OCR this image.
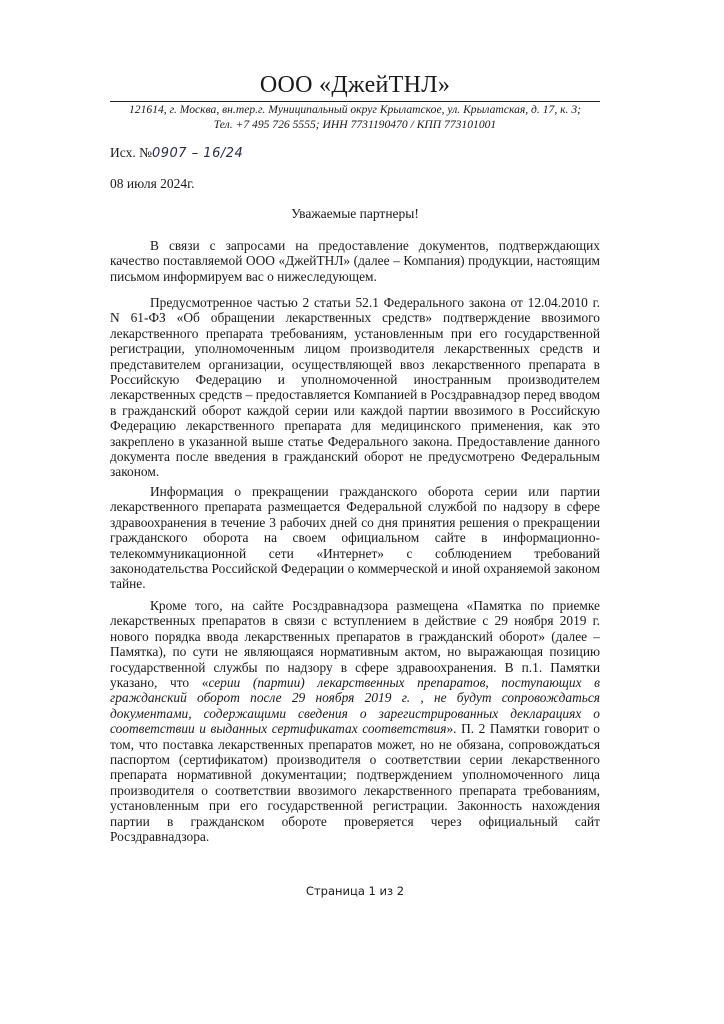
ООО «ДжейТНЛ»
121614, г. Москва, вн.тер.г. Муниципальный округ Крылатское, ул. Крылатская, д. 17, к. 3;
Тел. +7 495 726 5555; ИНН 7731190470 / КПП 773101001
Исх. №0907 – 16/24
08 июля 2024г.
Уважаемые партнеры!

В связи с запросами на предоставление документов, подтверждающих качество поставляемой ООО «ДжейТНЛ» (далее – Компания) продукции, настоящим письмом информируем вас о нижеследующем.

Предусмотренное частью 2 статьи 52.1 Федерального закона от 12.04.2010 г. N 61-ФЗ «Об обращении лекарственных средств» подтверждение ввозимого лекарственного препарата требованиям, установленным при его государственной регистрации, уполномоченным лицом производителя лекарственных средств и представителем организации, осуществляющей ввоз лекарственного препарата в Российскую Федерацию и уполномоченной иностранным производителем лекарственных средств – предоставляется Компанией в Росздравнадзор перед вводом в гражданский оборот каждой серии или каждой партии ввозимого в Российскую Федерацию лекарственного препарата для медицинского применения, как это закреплено в указанной выше статье Федерального закона. Предоставление данного документа после введения в гражданский оборот не предусмотрено Федеральным законом.

Информация о прекращении гражданского оборота серии или партии лекарственного препарата размещается Федеральной службой по надзору в сфере здравоохранения в течение 3 рабочих дней со дня принятия решения о прекращении гражданского оборота на своем официальном сайте в информационно-телекоммуникационной сети «Интернет» с соблюдением требований законодательства Российской Федерации о коммерческой и иной охраняемой законом тайне.

Кроме того, на сайте Росздравнадзора размещена «Памятка по приемке лекарственных препаратов в связи с вступлением в действие с 29 ноября 2019 г. нового порядка ввода лекарственных препаратов в гражданский оборот» (далее – Памятка), по сути не являющаяся нормативным актом, но выражающая позицию государственной службы по надзору в сфере здравоохранения. В п.1. Памятки указано, что «серии (партии) лекарственных препаратов, поступающих в гражданский оборот после 29 ноября 2019 г. , не будут сопровождаться документами, содержащими сведения о зарегистрированных декларациях о соответствии и выданных сертификатах соответствия». П. 2 Памятки говорит о том, что поставка лекарственных препаратов может, но не обязана, сопровождаться паспортом (сертификатом) производителя о соответствии серии лекарственного препарата нормативной документации; подтверждением уполномоченного лица производителя о соответствии ввозимого лекарственного препарата требованиям, установленным при его государственной регистрации. Законность нахождения партии в гражданском обороте проверяется через официальный сайт Росздравнадзора.

Страница 1 из 2
